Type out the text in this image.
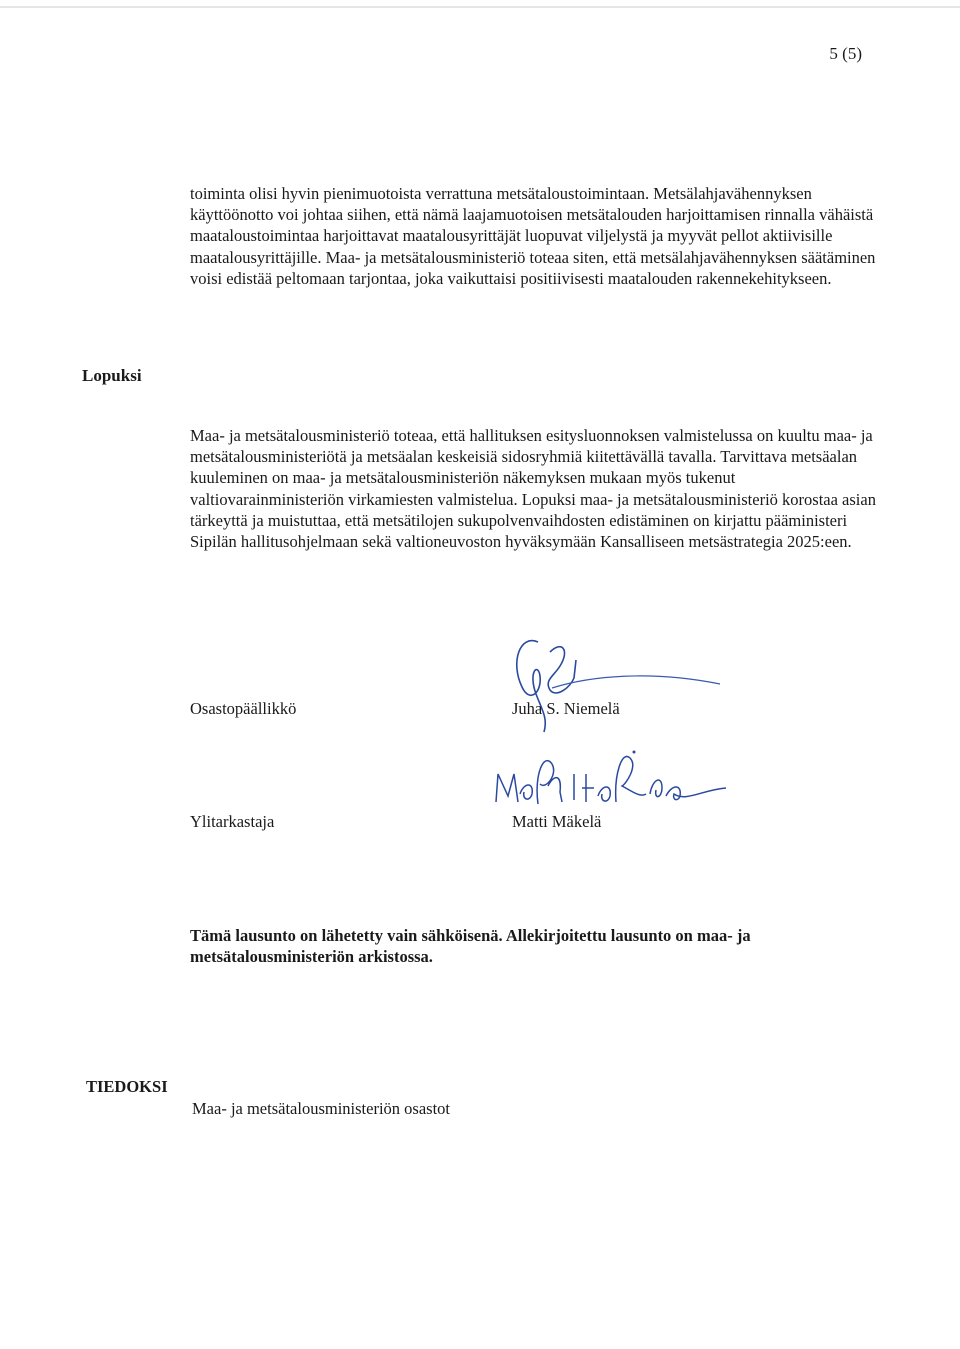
5 (5)

toiminta olisi hyvin pienimuotoista verrattuna metsätaloustoimintaan. Metsälahjavähennyksen käyttöönotto voi johtaa siihen, että nämä laajamuotoisen metsätalouden harjoittamisen rinnalla vähäistä maataloustoimintaa harjoittavat maatalousyrittäjät luopuvat viljelystä ja myyvät pellot aktiivisille maatalousyrittäjille. Maa- ja metsätalousministeriö toteaa siten, että metsälahjavähennyksen säätäminen voisi edistää peltomaan tarjontaa, joka vaikuttaisi positiivisesti maatalouden rakennekehitykseen.

Lopuksi

Maa- ja metsätalousministeriö toteaa, että hallituksen esitysluonnoksen valmistelussa on kuultu maa- ja metsätalousministeriötä ja metsäalan keskeisiä sidosryhmiä kiitettävällä tavalla. Tarvittava metsäalan kuuleminen on maa- ja metsätalousministeriön näkemyksen mukaan myös tukenut valtiovarainministeriön virkamiesten valmistelua. Lopuksi maa- ja metsätalousministeriö korostaa asian tärkeyttä ja muistuttaa, että metsätilojen sukupolvenvaihdosten edistäminen on kirjattu pääministeri Sipilän hallitusohjelmaan sekä valtioneuvoston hyväksymään Kansalliseen metsästrategia 2025:een.

Osastopäällikkö	Juha S. Niemelä
Ylitarkastaja	Matti Mäkelä

Tämä lausunto on lähetetty vain sähköisenä. Allekirjoitettu lausunto on maa- ja metsätalousministeriön arkistossa.

TIEDOKSI
Maa- ja metsätalousministeriön osastot
